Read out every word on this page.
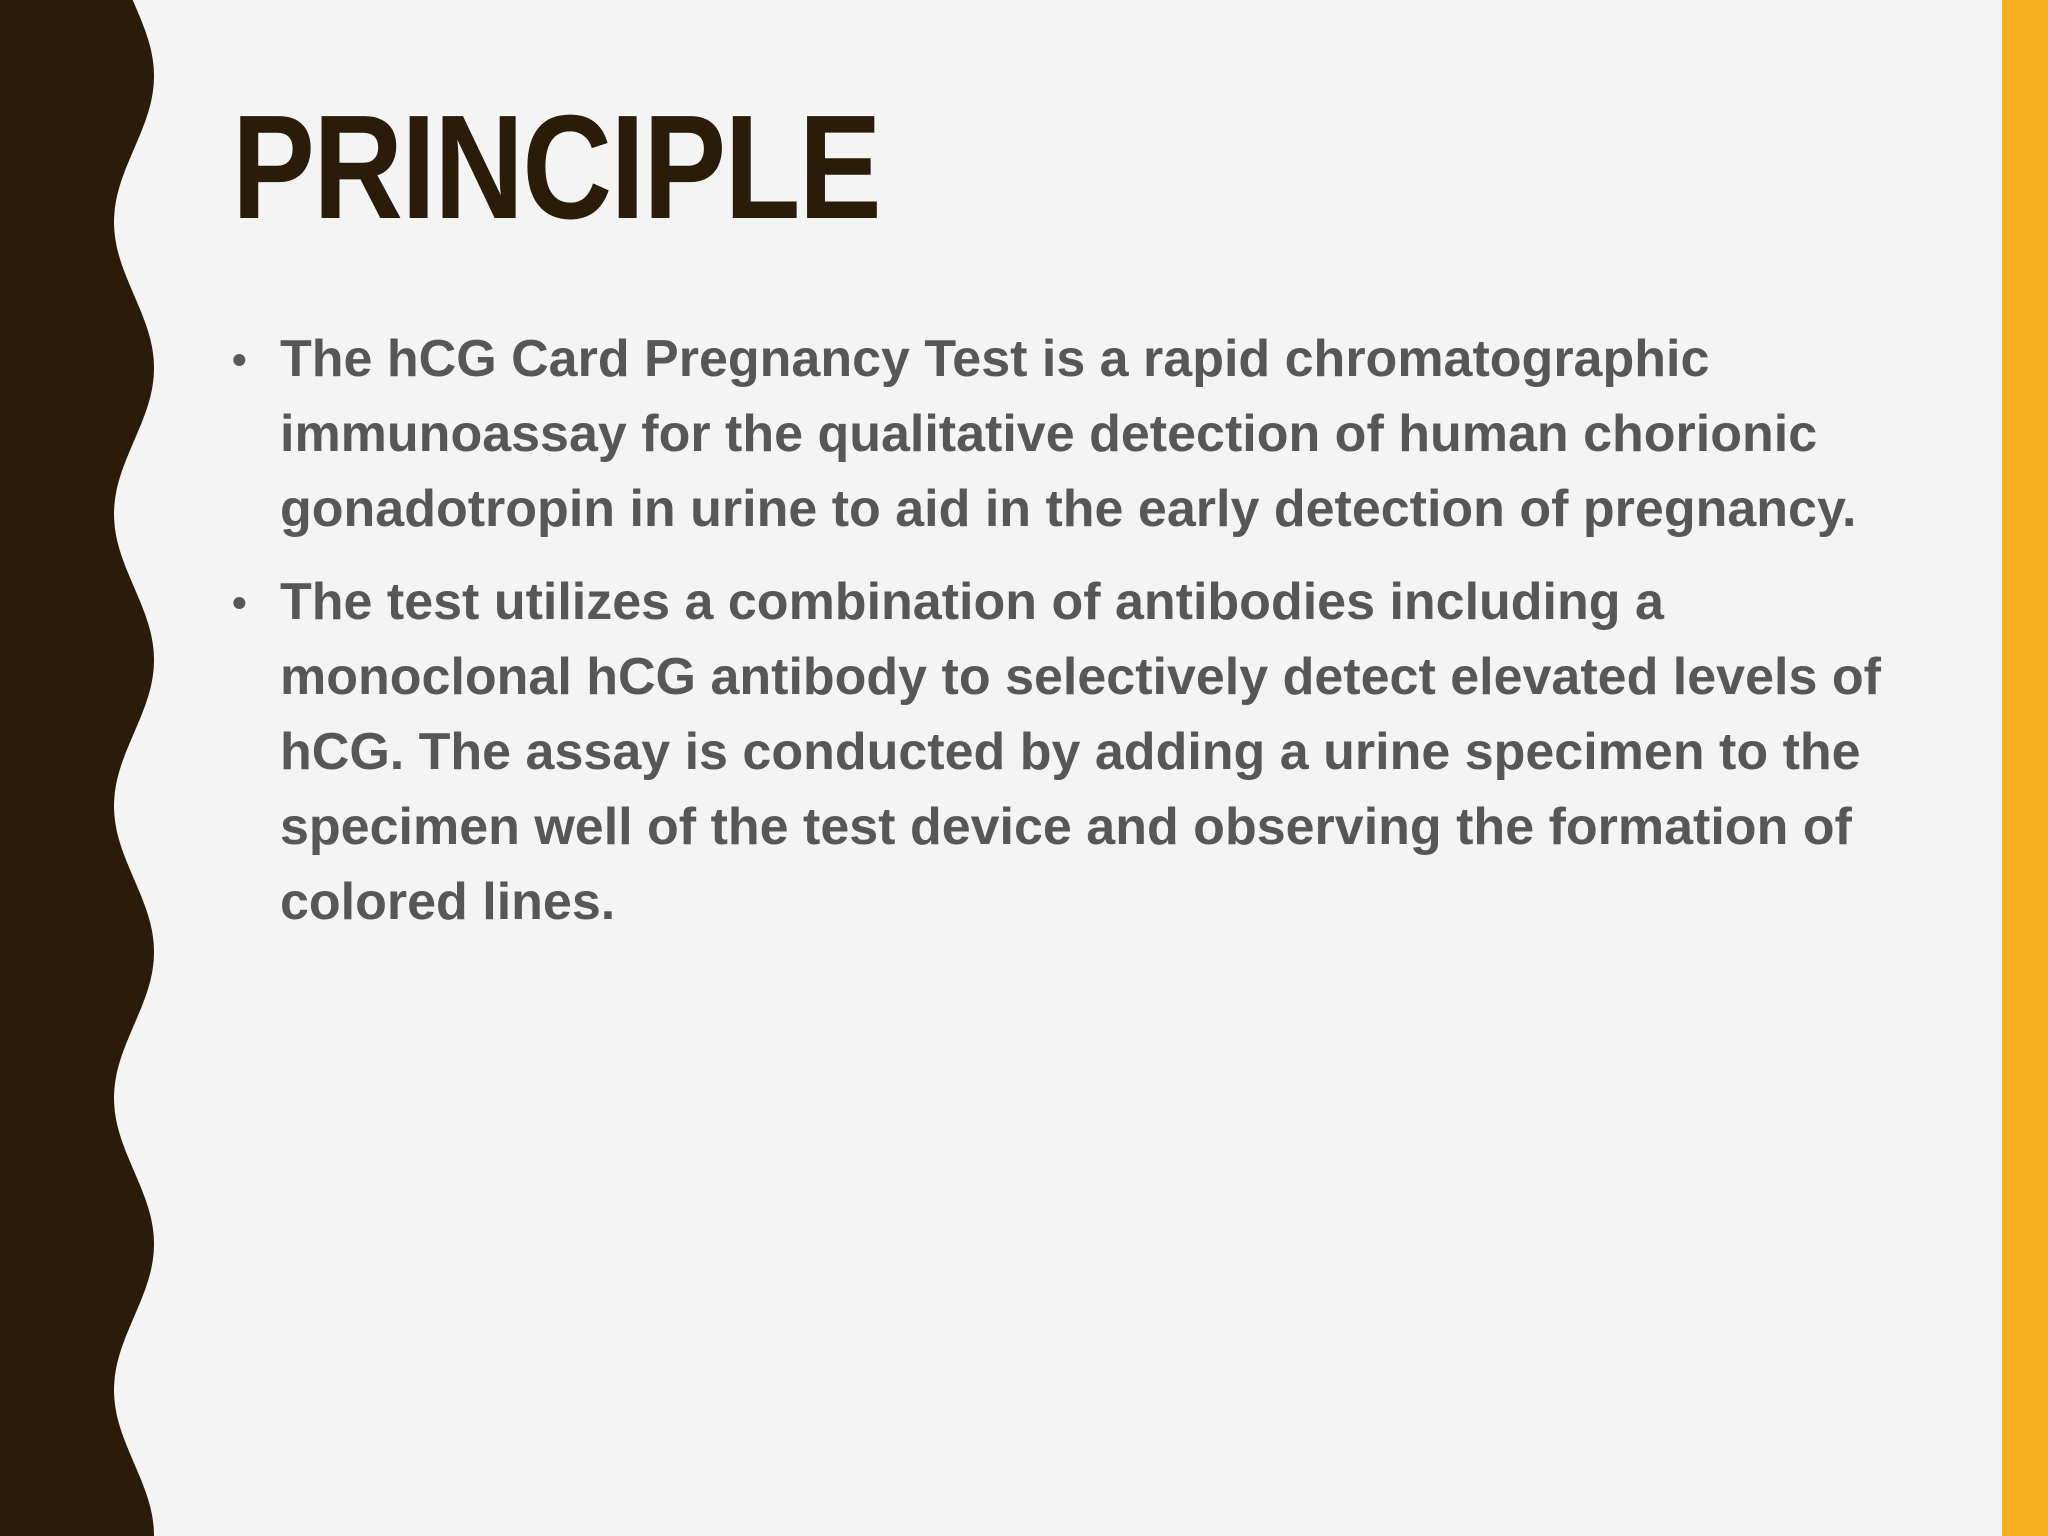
PRINCIPLE
• The hCG Card Pregnancy Test is a rapid chromatographic immunoassay for the qualitative detection of human chorionic gonadotropin in urine to aid in the early detection of pregnancy.
• The test utilizes a combination of antibodies including a monoclonal hCG antibody to selectively detect elevated levels of hCG. The assay is conducted by adding a urine specimen to the specimen well of the test device and observing the formation of colored lines.
